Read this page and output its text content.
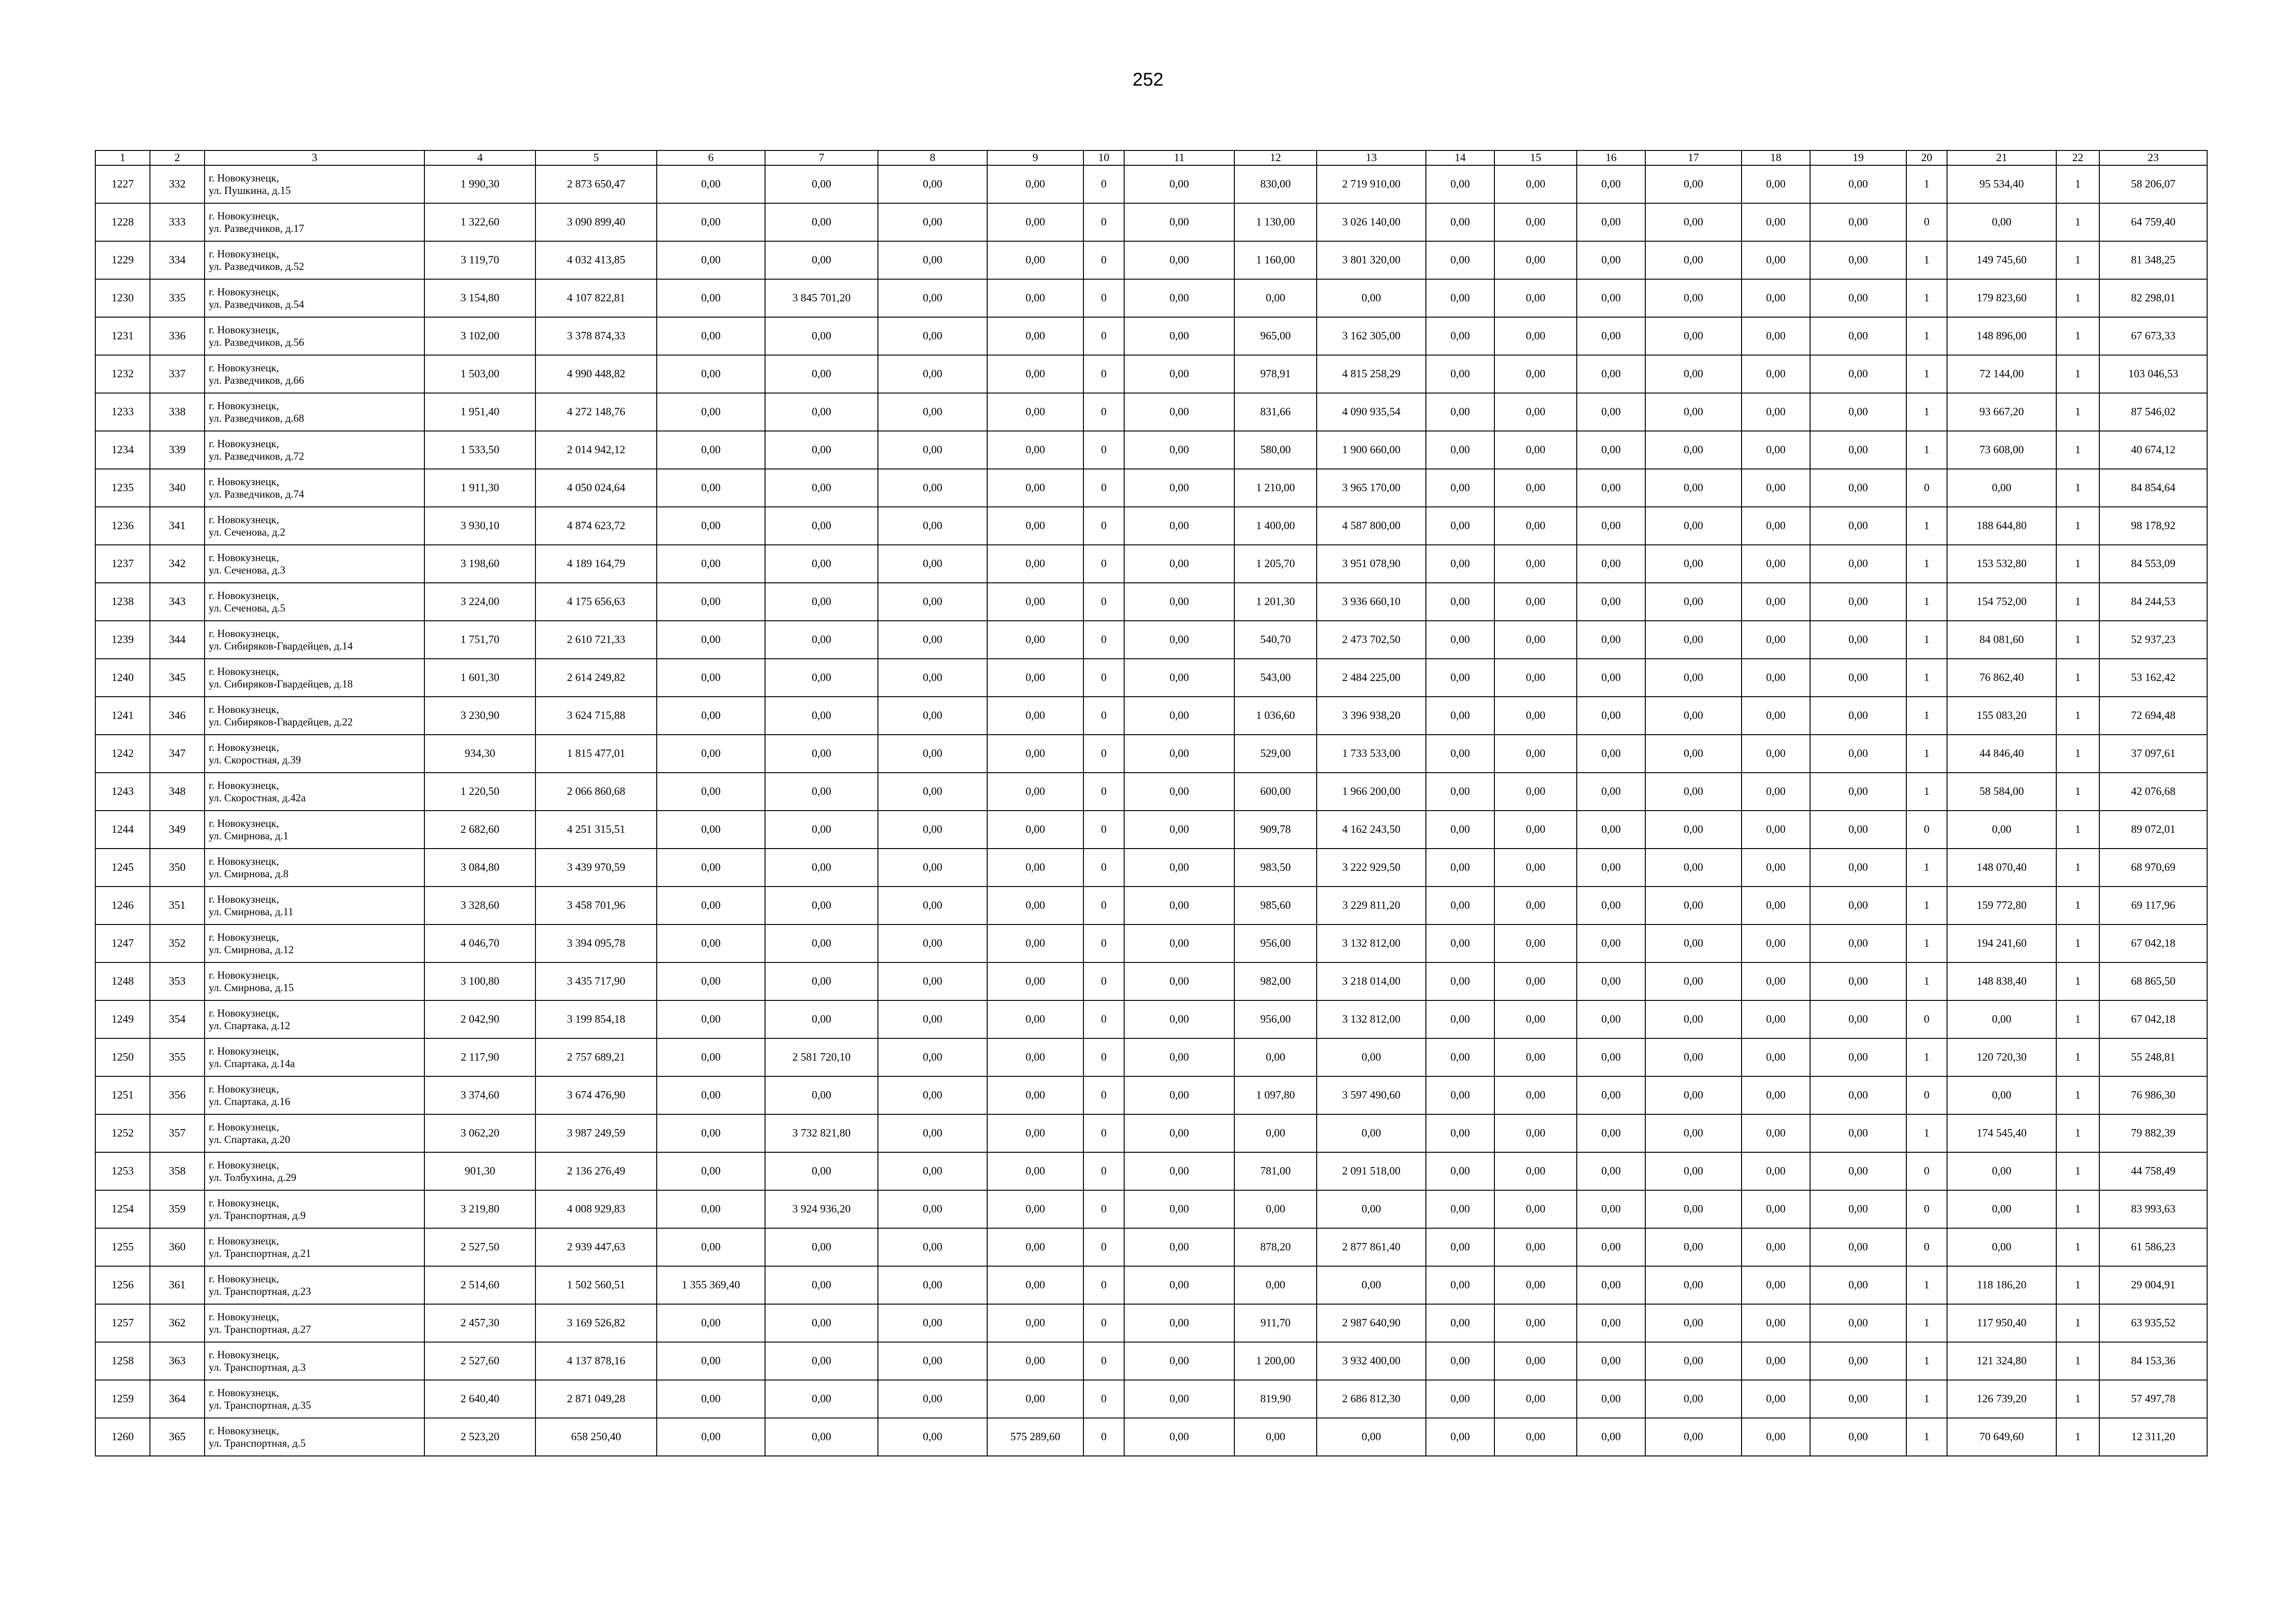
252
1	2	3	4	5	6	7	8	9	10	11	12	13	14	15	16	17	18	19	20	21	22	23
1227	332	г. Новокузнецк,
ул. Пушкина, д.15	1 990,30	2 873 650,47	0,00	0,00	0,00	0,00	0	0,00	830,00	2 719 910,00	0,00	0,00	0,00	0,00	0,00	0,00	1	95 534,40	1	58 206,07
1228	333	г. Новокузнецк,
ул. Разведчиков, д.17	1 322,60	3 090 899,40	0,00	0,00	0,00	0,00	0	0,00	1 130,00	3 026 140,00	0,00	0,00	0,00	0,00	0,00	0,00	0	0,00	1	64 759,40
1229	334	г. Новокузнецк,
ул. Разведчиков, д.52	3 119,70	4 032 413,85	0,00	0,00	0,00	0,00	0	0,00	1 160,00	3 801 320,00	0,00	0,00	0,00	0,00	0,00	0,00	1	149 745,60	1	81 348,25
1230	335	г. Новокузнецк,
ул. Разведчиков, д.54	3 154,80	4 107 822,81	0,00	3 845 701,20	0,00	0,00	0	0,00	0,00	0,00	0,00	0,00	0,00	0,00	0,00	0,00	1	179 823,60	1	82 298,01
1231	336	г. Новокузнецк,
ул. Разведчиков, д.56	3 102,00	3 378 874,33	0,00	0,00	0,00	0,00	0	0,00	965,00	3 162 305,00	0,00	0,00	0,00	0,00	0,00	0,00	1	148 896,00	1	67 673,33
1232	337	г. Новокузнецк,
ул. Разведчиков, д.66	1 503,00	4 990 448,82	0,00	0,00	0,00	0,00	0	0,00	978,91	4 815 258,29	0,00	0,00	0,00	0,00	0,00	0,00	1	72 144,00	1	103 046,53
1233	338	г. Новокузнецк,
ул. Разведчиков, д.68	1 951,40	4 272 148,76	0,00	0,00	0,00	0,00	0	0,00	831,66	4 090 935,54	0,00	0,00	0,00	0,00	0,00	0,00	1	93 667,20	1	87 546,02
1234	339	г. Новокузнецк,
ул. Разведчиков, д.72	1 533,50	2 014 942,12	0,00	0,00	0,00	0,00	0	0,00	580,00	1 900 660,00	0,00	0,00	0,00	0,00	0,00	0,00	1	73 608,00	1	40 674,12
1235	340	г. Новокузнецк,
ул. Разведчиков, д.74	1 911,30	4 050 024,64	0,00	0,00	0,00	0,00	0	0,00	1 210,00	3 965 170,00	0,00	0,00	0,00	0,00	0,00	0,00	0	0,00	1	84 854,64
1236	341	г. Новокузнецк,
ул. Сеченова, д.2	3 930,10	4 874 623,72	0,00	0,00	0,00	0,00	0	0,00	1 400,00	4 587 800,00	0,00	0,00	0,00	0,00	0,00	0,00	1	188 644,80	1	98 178,92
1237	342	г. Новокузнецк,
ул. Сеченова, д.3	3 198,60	4 189 164,79	0,00	0,00	0,00	0,00	0	0,00	1 205,70	3 951 078,90	0,00	0,00	0,00	0,00	0,00	0,00	1	153 532,80	1	84 553,09
1238	343	г. Новокузнецк,
ул. Сеченова, д.5	3 224,00	4 175 656,63	0,00	0,00	0,00	0,00	0	0,00	1 201,30	3 936 660,10	0,00	0,00	0,00	0,00	0,00	0,00	1	154 752,00	1	84 244,53
1239	344	г. Новокузнецк,
ул. Сибиряков-Гвардейцев, д.14	1 751,70	2 610 721,33	0,00	0,00	0,00	0,00	0	0,00	540,70	2 473 702,50	0,00	0,00	0,00	0,00	0,00	0,00	1	84 081,60	1	52 937,23
1240	345	г. Новокузнецк,
ул. Сибиряков-Гвардейцев, д.18	1 601,30	2 614 249,82	0,00	0,00	0,00	0,00	0	0,00	543,00	2 484 225,00	0,00	0,00	0,00	0,00	0,00	0,00	1	76 862,40	1	53 162,42
1241	346	г. Новокузнецк,
ул. Сибиряков-Гвардейцев, д.22	3 230,90	3 624 715,88	0,00	0,00	0,00	0,00	0	0,00	1 036,60	3 396 938,20	0,00	0,00	0,00	0,00	0,00	0,00	1	155 083,20	1	72 694,48
1242	347	г. Новокузнецк,
ул. Скоростная, д.39	934,30	1 815 477,01	0,00	0,00	0,00	0,00	0	0,00	529,00	1 733 533,00	0,00	0,00	0,00	0,00	0,00	0,00	1	44 846,40	1	37 097,61
1243	348	г. Новокузнецк,
ул. Скоростная, д.42а	1 220,50	2 066 860,68	0,00	0,00	0,00	0,00	0	0,00	600,00	1 966 200,00	0,00	0,00	0,00	0,00	0,00	0,00	1	58 584,00	1	42 076,68
1244	349	г. Новокузнецк,
ул. Смирнова, д.1	2 682,60	4 251 315,51	0,00	0,00	0,00	0,00	0	0,00	909,78	4 162 243,50	0,00	0,00	0,00	0,00	0,00	0,00	0	0,00	1	89 072,01
1245	350	г. Новокузнецк,
ул. Смирнова, д.8	3 084,80	3 439 970,59	0,00	0,00	0,00	0,00	0	0,00	983,50	3 222 929,50	0,00	0,00	0,00	0,00	0,00	0,00	1	148 070,40	1	68 970,69
1246	351	г. Новокузнецк,
ул. Смирнова, д.11	3 328,60	3 458 701,96	0,00	0,00	0,00	0,00	0	0,00	985,60	3 229 811,20	0,00	0,00	0,00	0,00	0,00	0,00	1	159 772,80	1	69 117,96
1247	352	г. Новокузнецк,
ул. Смирнова, д.12	4 046,70	3 394 095,78	0,00	0,00	0,00	0,00	0	0,00	956,00	3 132 812,00	0,00	0,00	0,00	0,00	0,00	0,00	1	194 241,60	1	67 042,18
1248	353	г. Новокузнецк,
ул. Смирнова, д.15	3 100,80	3 435 717,90	0,00	0,00	0,00	0,00	0	0,00	982,00	3 218 014,00	0,00	0,00	0,00	0,00	0,00	0,00	1	148 838,40	1	68 865,50
1249	354	г. Новокузнецк,
ул. Спартака, д.12	2 042,90	3 199 854,18	0,00	0,00	0,00	0,00	0	0,00	956,00	3 132 812,00	0,00	0,00	0,00	0,00	0,00	0,00	0	0,00	1	67 042,18
1250	355	г. Новокузнецк,
ул. Спартака, д.14а	2 117,90	2 757 689,21	0,00	2 581 720,10	0,00	0,00	0	0,00	0,00	0,00	0,00	0,00	0,00	0,00	0,00	0,00	1	120 720,30	1	55 248,81
1251	356	г. Новокузнецк,
ул. Спартака, д.16	3 374,60	3 674 476,90	0,00	0,00	0,00	0,00	0	0,00	1 097,80	3 597 490,60	0,00	0,00	0,00	0,00	0,00	0,00	0	0,00	1	76 986,30
1252	357	г. Новокузнецк,
ул. Спартака, д.20	3 062,20	3 987 249,59	0,00	3 732 821,80	0,00	0,00	0	0,00	0,00	0,00	0,00	0,00	0,00	0,00	0,00	0,00	1	174 545,40	1	79 882,39
1253	358	г. Новокузнецк,
ул. Толбухина, д.29	901,30	2 136 276,49	0,00	0,00	0,00	0,00	0	0,00	781,00	2 091 518,00	0,00	0,00	0,00	0,00	0,00	0,00	0	0,00	1	44 758,49
1254	359	г. Новокузнецк,
ул. Транспортная, д.9	3 219,80	4 008 929,83	0,00	3 924 936,20	0,00	0,00	0	0,00	0,00	0,00	0,00	0,00	0,00	0,00	0,00	0,00	0	0,00	1	83 993,63
1255	360	г. Новокузнецк,
ул. Транспортная, д.21	2 527,50	2 939 447,63	0,00	0,00	0,00	0,00	0	0,00	878,20	2 877 861,40	0,00	0,00	0,00	0,00	0,00	0,00	0	0,00	1	61 586,23
1256	361	г. Новокузнецк,
ул. Транспортная, д.23	2 514,60	1 502 560,51	1 355 369,40	0,00	0,00	0,00	0	0,00	0,00	0,00	0,00	0,00	0,00	0,00	0,00	0,00	1	118 186,20	1	29 004,91
1257	362	г. Новокузнецк,
ул. Транспортная, д.27	2 457,30	3 169 526,82	0,00	0,00	0,00	0,00	0	0,00	911,70	2 987 640,90	0,00	0,00	0,00	0,00	0,00	0,00	1	117 950,40	1	63 935,52
1258	363	г. Новокузнецк,
ул. Транспортная, д.3	2 527,60	4 137 878,16	0,00	0,00	0,00	0,00	0	0,00	1 200,00	3 932 400,00	0,00	0,00	0,00	0,00	0,00	0,00	1	121 324,80	1	84 153,36
1259	364	г. Новокузнецк,
ул. Транспортная, д.35	2 640,40	2 871 049,28	0,00	0,00	0,00	0,00	0	0,00	819,90	2 686 812,30	0,00	0,00	0,00	0,00	0,00	0,00	1	126 739,20	1	57 497,78
1260	365	г. Новокузнецк,
ул. Транспортная, д.5	2 523,20	658 250,40	0,00	0,00	0,00	575 289,60	0	0,00	0,00	0,00	0,00	0,00	0,00	0,00	0,00	0,00	1	70 649,60	1	12 311,20
